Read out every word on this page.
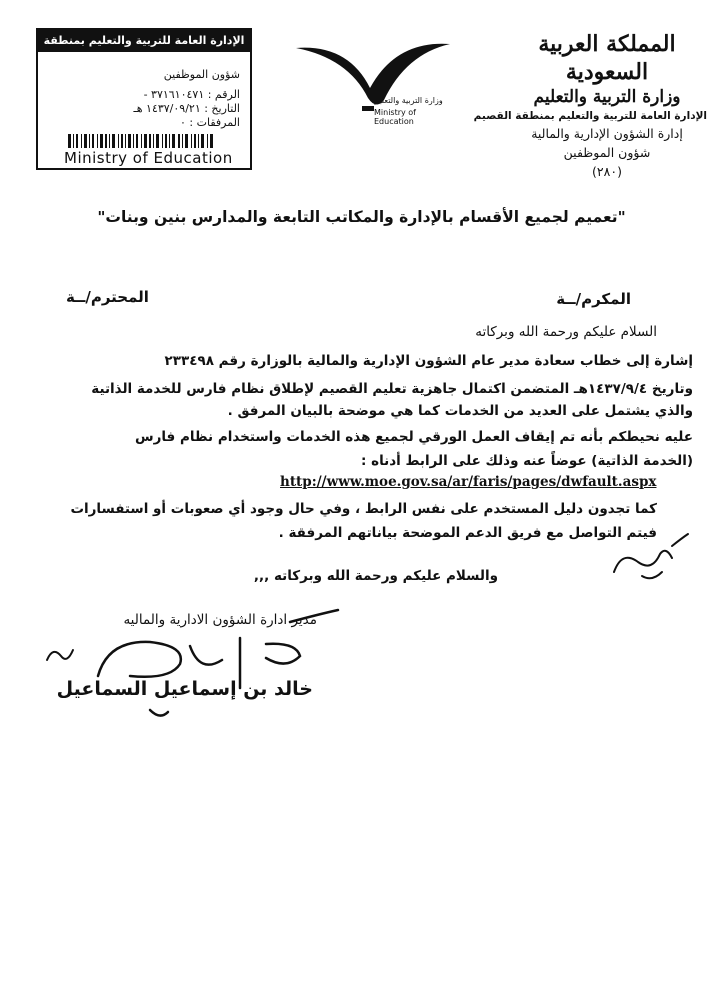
المملكة العربية السعودية
وزارة التربية والتعليم
الإدارة العامة للتربية والتعليم بمنطقة القصيم
إدارة الشؤون الإدارية والمالية
شؤون الموظفين
(٢٨٠)
وزارة التربية والتعليم
Ministry of Education
الإدارة العامة للتربية والتعليم بمنطقة القصيم
شؤون الموظفين
الرقم : ٣٧١٦١٠٤٧١ -
التاريخ : ١٤٣٧/٠٩/٢١ هـ
المرفقات : ٠
Ministry of Education
"تعميم لجميع الأقسام بالإدارة والمكاتب التابعة والمدارس بنين وبنات"
المكرم/ــة
المحترم/ــة
السلام عليكم ورحمة الله وبركاته
إشارة إلى خطاب سعادة مدير عام الشؤون الإدارية والمالية بالوزارة رقم ٢٣٣٤٩٨
وتاريخ ١٤٣٧/٩/٤هـ المتضمن اكتمال جاهزية تعليم القصيم لإطلاق نظام فارس للخدمة الذاتية
والذي يشتمل على العديد من الخدمات كما هي موضحة بالبيان المرفق .
عليه نحيطكم بأنه تم إيقاف العمل الورقي لجميع هذه الخدمات واستخدام نظام فارس
(الخدمة الذاتية) عوضاً عنه وذلك على الرابط أدناه :
http://www.moe.gov.sa/ar/faris/pages/dwfault.aspx
كما تجدون دليل المستخدم على نفس الرابط ، وفي حال وجود أي صعوبات أو استفسارات
فيتم التواصل مع فريق الدعم الموضحة بياناتهم المرفقة .
والسلام عليكم ورحمة الله وبركاته ,,,
مدير ادارة الشؤون الادارية والماليه
خالد بن إسماعيل السماعيل
